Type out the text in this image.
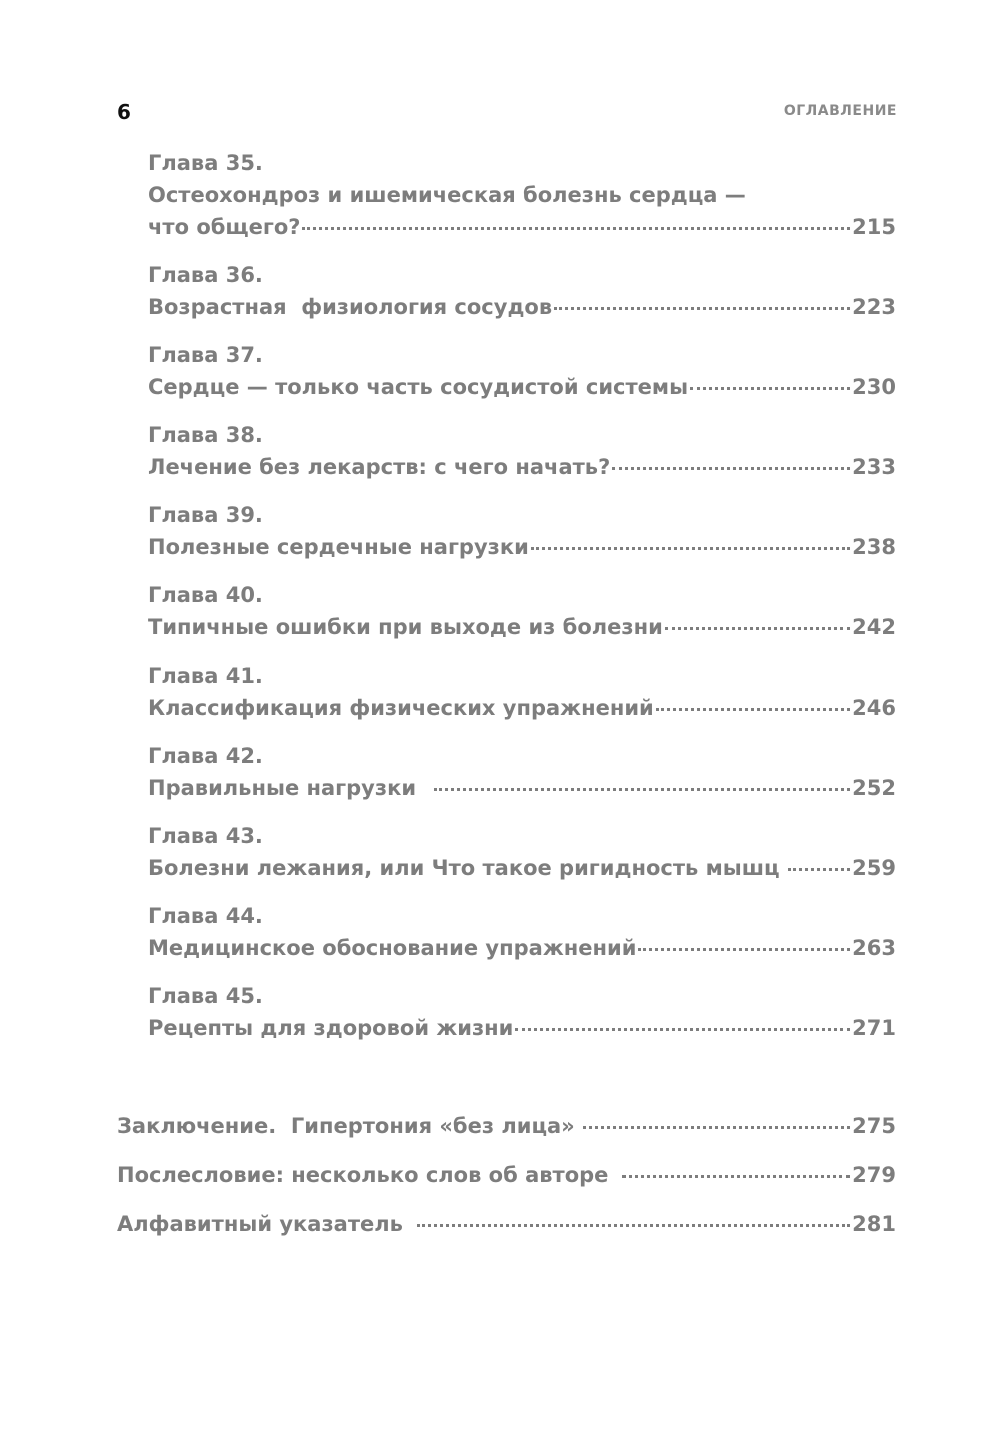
6	ОГЛАВЛЕНИЕ
Глава 35.
Остеохондроз и ишемическая болезнь сердца —
что общего?	215
Глава 36.
Возрастная  физиология сосудов	223
Глава 37.
Сердце — только часть сосудистой системы	230
Глава 38.
Лечение без лекарств: с чего начать?	233
Глава 39.
Полезные сердечные нагрузки	238
Глава 40.
Типичные ошибки при выходе из болезни	242
Глава 41.
Классификация физических упражнений	246
Глава 42.
Правильные нагрузки	252
Глава 43.
Болезни лежания, или Что такое ригидность мышц	259
Глава 44.
Медицинское обоснование упражнений	263
Глава 45.
Рецепты для здоровой жизни	271
Заключение.  Гипертония «без лица»	275
Послесловие: несколько слов об авторе	279
Алфавитный указатель	281
